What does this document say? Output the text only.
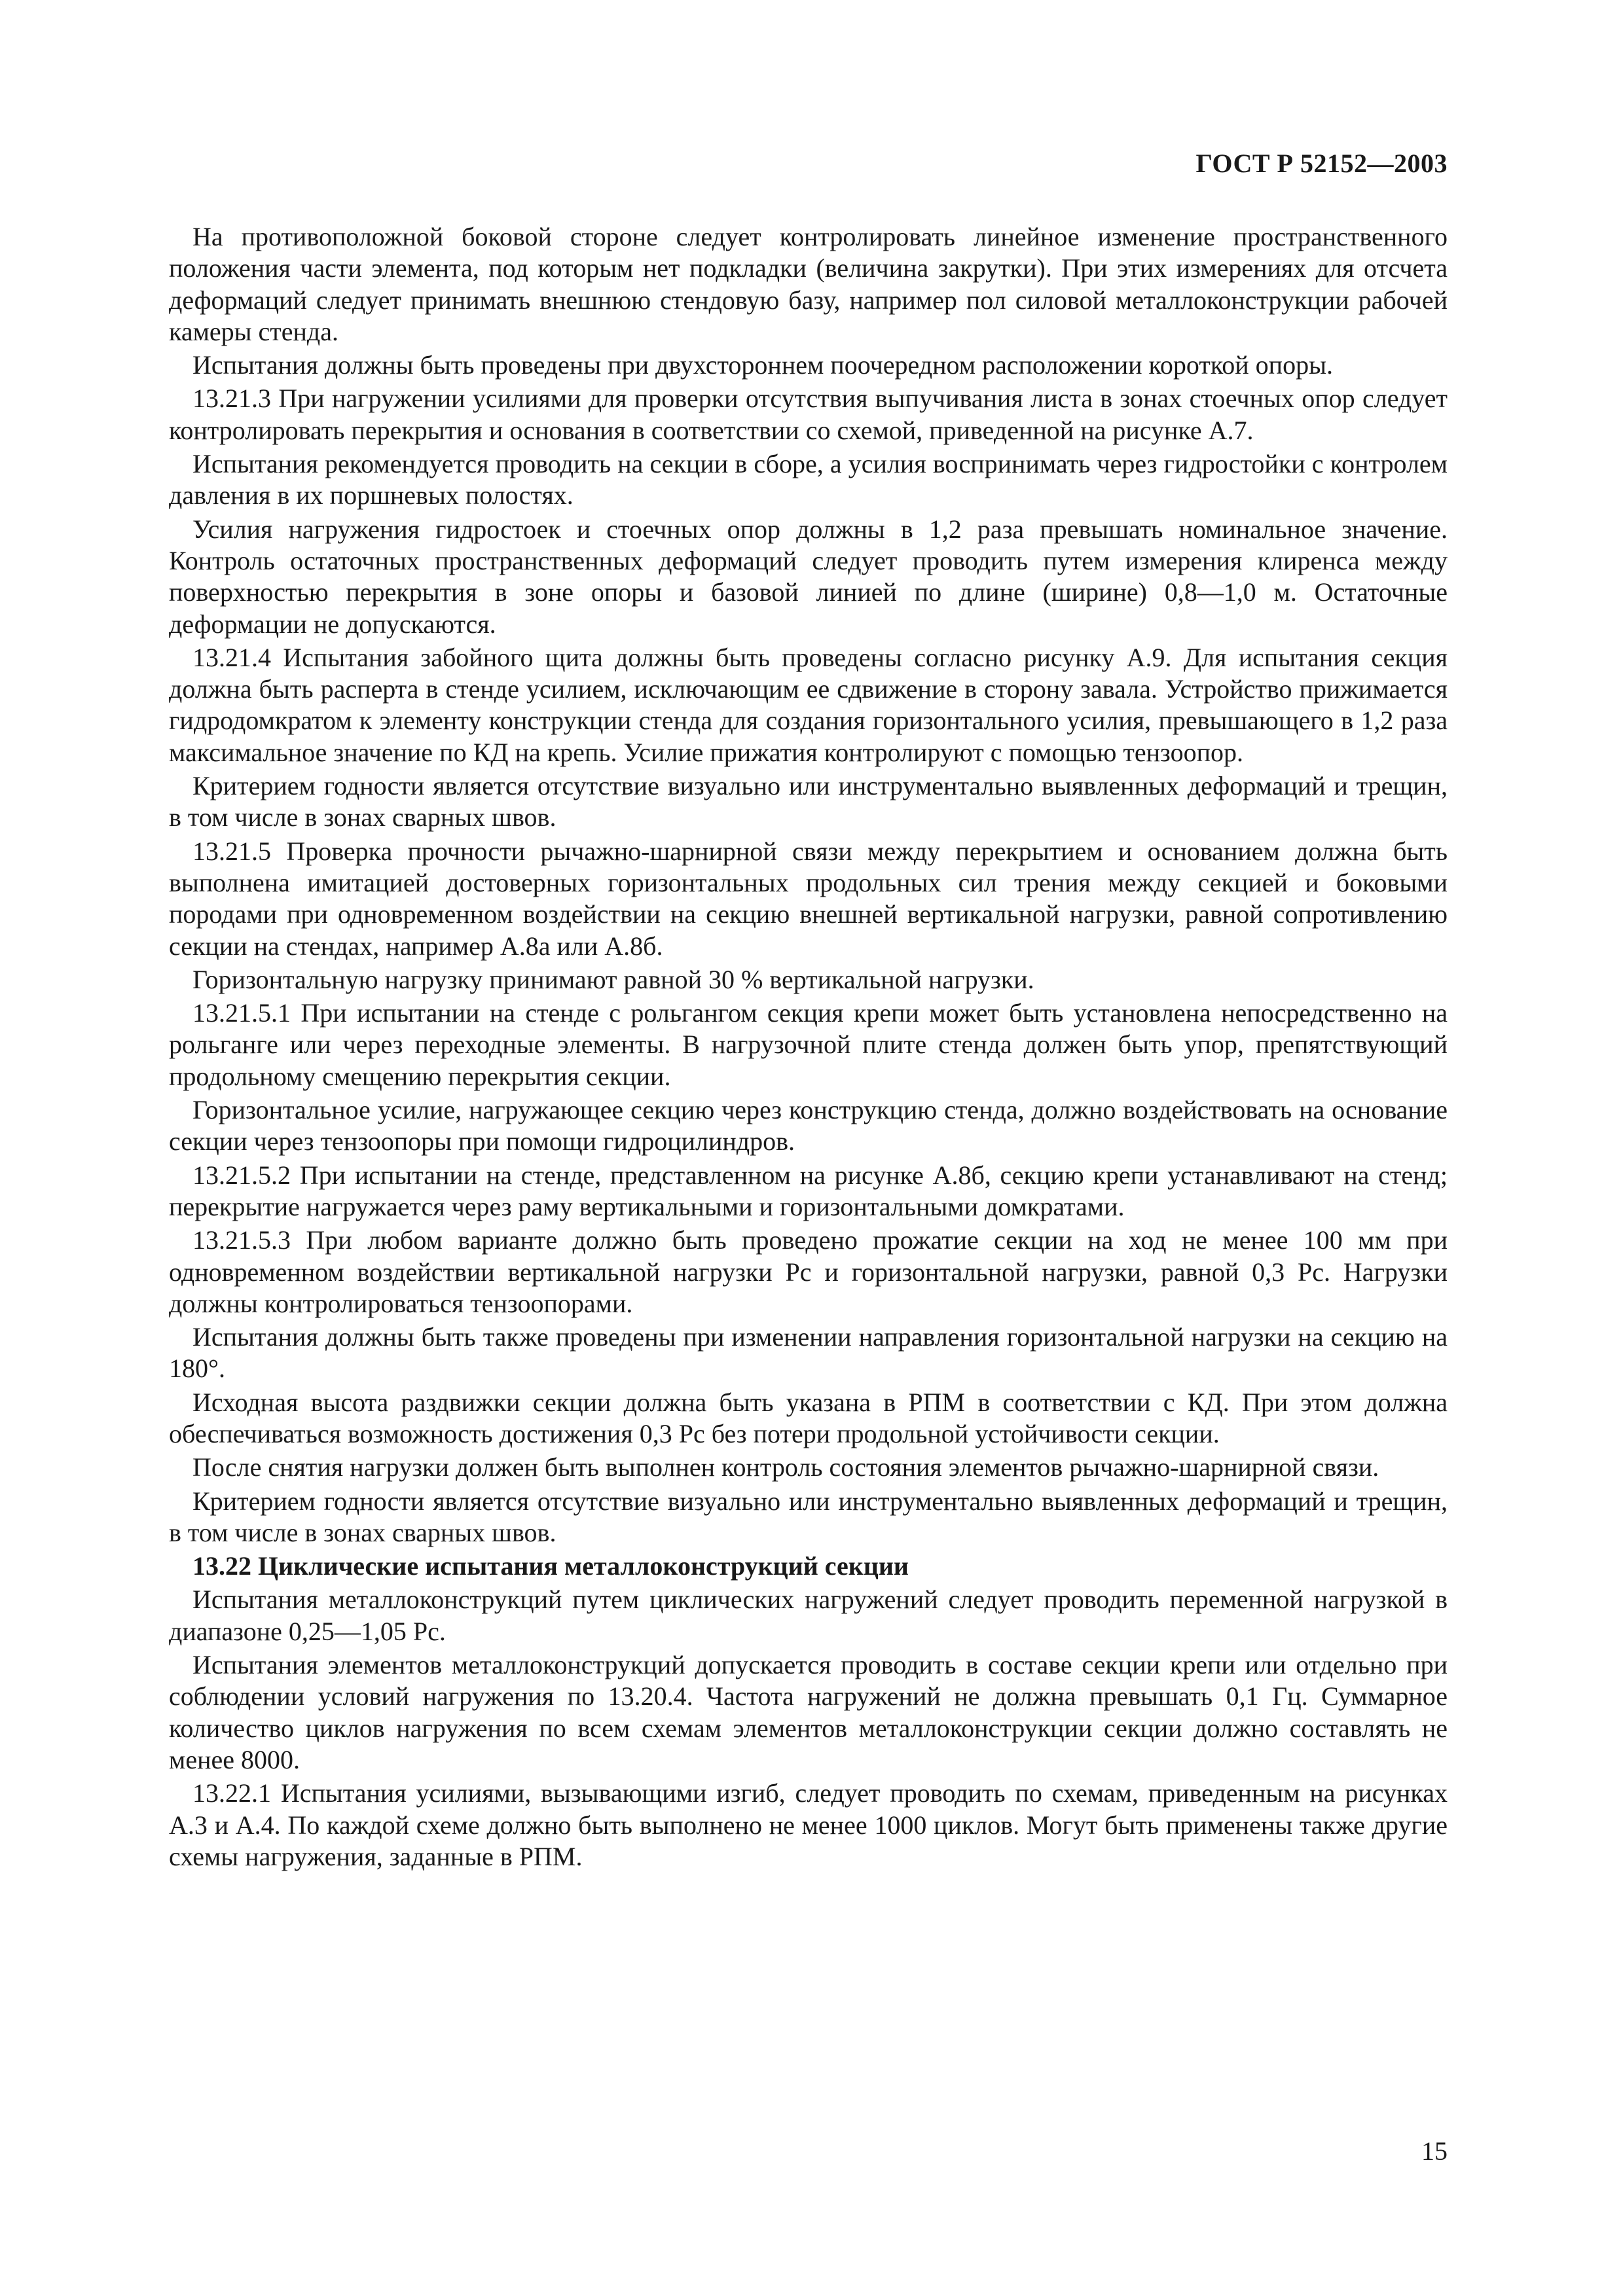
ГОСТ Р 52152—2003

На противоположной боковой стороне следует контролировать линейное изменение пространственного положения части элемента, под которым нет подкладки (величина закрутки). При этих измерениях для отсчета деформаций следует принимать внешнюю стендовую базу, например пол силовой металлоконструкции рабочей камеры стенда.

Испытания должны быть проведены при двухстороннем поочередном расположении короткой опоры.

13.21.3 При нагружении усилиями для проверки отсутствия выпучивания листа в зонах стоечных опор следует контролировать перекрытия и основания в соответствии со схемой, приведенной на рисунке А.7.

Испытания рекомендуется проводить на секции в сборе, а усилия воспринимать через гидростойки с контролем давления в их поршневых полостях.

Усилия нагружения гидростоек и стоечных опор должны в 1,2 раза превышать номинальное значение. Контроль остаточных пространственных деформаций следует проводить путем измерения клиренса между поверхностью перекрытия в зоне опоры и базовой линией по длине (ширине) 0,8—1,0 м. Остаточные деформации не допускаются.

13.21.4 Испытания забойного щита должны быть проведены согласно рисунку А.9. Для испытания секция должна быть расперта в стенде усилием, исключающим ее сдвижение в сторону завала. Устройство прижимается гидродомкратом к элементу конструкции стенда для создания горизонтального усилия, превышающего в 1,2 раза максимальное значение по КД на крепь. Усилие прижатия контролируют с помощью тензоопор.

Критерием годности является отсутствие визуально или инструментально выявленных деформаций и трещин, в том числе в зонах сварных швов.

13.21.5 Проверка прочности рычажно-шарнирной связи между перекрытием и основанием должна быть выполнена имитацией достоверных горизонтальных продольных сил трения между секцией и боковыми породами при одновременном воздействии на секцию внешней вертикальной нагрузки, равной сопротивлению секции на стендах, например А.8а или А.8б.

Горизонтальную нагрузку принимают равной 30 % вертикальной нагрузки.

13.21.5.1 При испытании на стенде с рольгангом секция крепи может быть установлена непосредственно на рольганге или через переходные элементы. В нагрузочной плите стенда должен быть упор, препятствующий продольному смещению перекрытия секции.

Горизонтальное усилие, нагружающее секцию через конструкцию стенда, должно воздействовать на основание секции через тензоопоры при помощи гидроцилиндров.

13.21.5.2 При испытании на стенде, представленном на рисунке А.8б, секцию крепи устанавливают на стенд; перекрытие нагружается через раму вертикальными и горизонтальными домкратами.

13.21.5.3 При любом варианте должно быть проведено прожатие секции на ход не менее 100 мм при одновременном воздействии вертикальной нагрузки Pс и горизонтальной нагрузки, равной 0,3 Pс. Нагрузки должны контролироваться тензоопорами.

Испытания должны быть также проведены при изменении направления горизонтальной нагрузки на секцию на 180°.

Исходная высота раздвижки секции должна быть указана в РПМ в соответствии с КД. При этом должна обеспечиваться возможность достижения 0,3 Pс без потери продольной устойчивости секции.

После снятия нагрузки должен быть выполнен контроль состояния элементов рычажно-шарнирной связи.

Критерием годности является отсутствие визуально или инструментально выявленных деформаций и трещин, в том числе в зонах сварных швов.

13.22 Циклические испытания металлоконструкций секции

Испытания металлоконструкций путем циклических нагружений следует проводить переменной нагрузкой в диапазоне 0,25—1,05 Pс.

Испытания элементов металлоконструкций допускается проводить в составе секции крепи или отдельно при соблюдении условий нагружения по 13.20.4. Частота нагружений не должна превышать 0,1 Гц. Суммарное количество циклов нагружения по всем схемам элементов металлоконструкции секции должно составлять не менее 8000.

13.22.1 Испытания усилиями, вызывающими изгиб, следует проводить по схемам, приведенным на рисунках А.3 и А.4. По каждой схеме должно быть выполнено не менее 1000 циклов. Могут быть применены также другие схемы нагружения, заданные в РПМ.

15
